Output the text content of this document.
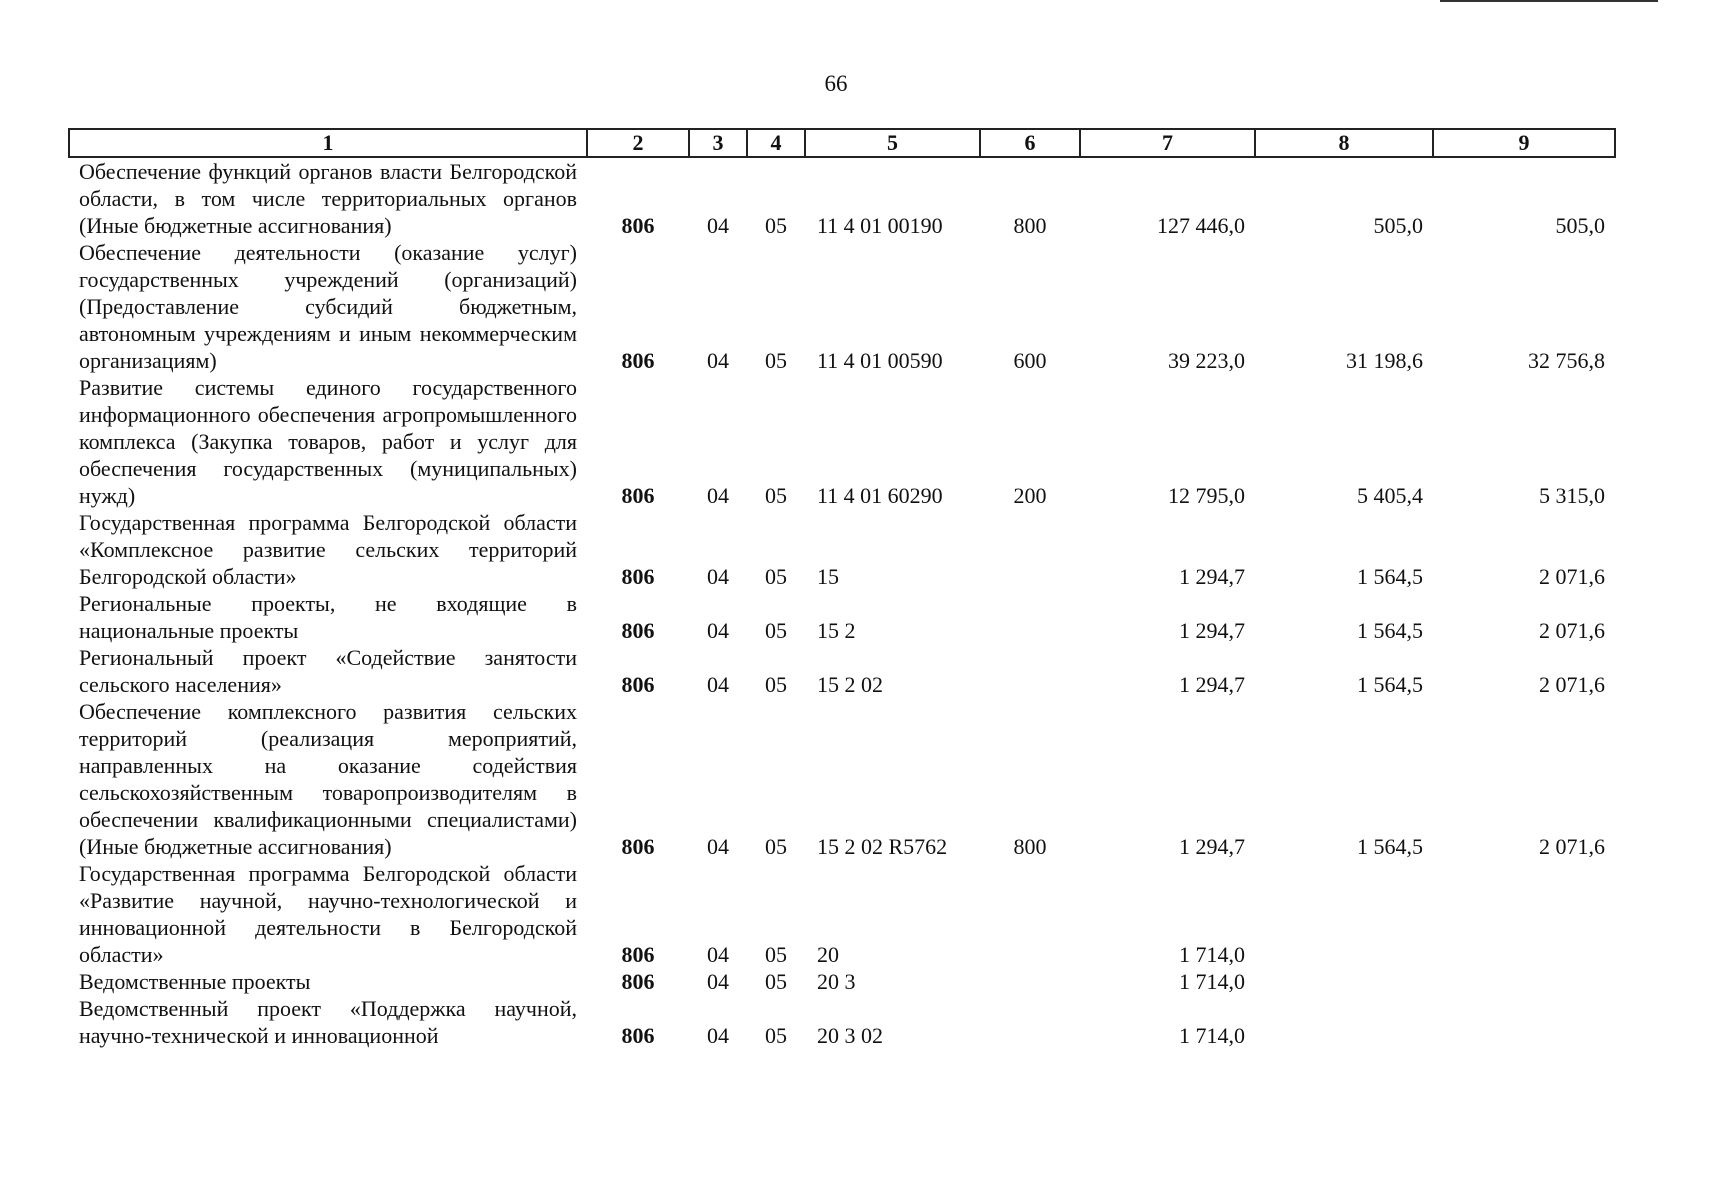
66
1	2	3	4	5	6	7	8	9
Обеспечение функций органов власти Белгородской области, в том числе территориальных органов (Иные бюджетные ассигнования)	806	04	05	11 4 01 00190	800	127 446,0	505,0	505,0
Обеспечение деятельности (оказание услуг) государственных учреждений (организаций) (Предоставление субсидий бюджетным, автономным учреждениям и иным некоммерческим организациям)	806	04	05	11 4 01 00590	600	39 223,0	31 198,6	32 756,8
Развитие системы единого государственного информационного обеспечения агропромышленного комплекса (Закупка товаров, работ и услуг для обеспечения государственных (муниципальных) нужд)	806	04	05	11 4 01 60290	200	12 795,0	5 405,4	5 315,0
Государственная программа Белгородской области «Комплексное развитие сельских территорий Белгородской области»	806	04	05	15		1 294,7	1 564,5	2 071,6
Региональные проекты, не входящие в национальные проекты	806	04	05	15 2		1 294,7	1 564,5	2 071,6
Региональный проект «Содействие занятости сельского населения»	806	04	05	15 2 02		1 294,7	1 564,5	2 071,6
Обеспечение комплексного развития сельских территорий (реализация мероприятий, направленных на оказание содействия сельскохозяйственным товаропроизводителям в обеспечении квалификационными специалистами) (Иные бюджетные ассигнования)	806	04	05	15 2 02 R5762	800	1 294,7	1 564,5	2 071,6
Государственная программа Белгородской области «Развитие научной, научно-технологической и инновационной деятельности в Белгородской области»	806	04	05	20		1 714,0		
Ведомственные проекты	806	04	05	20 3		1 714,0		
Ведомственный проект «Поддержка научной, научно-технической и инновационной	806	04	05	20 3 02		1 714,0		
